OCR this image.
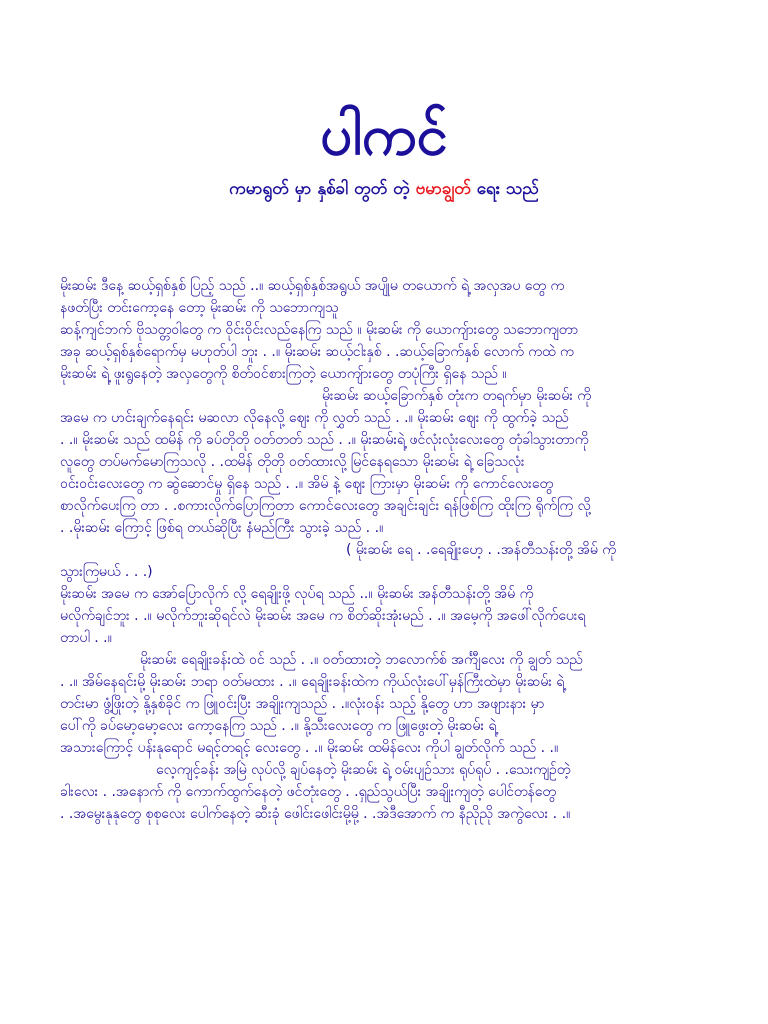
ပါကင်

ကမာရွတ် မှာ နှစ်ခါ တွတ် တဲ့ ဗမာချွတ် ရေး သည်

မိုးဆမ်း ဒီနေ့ ဆယ့်ရှစ်နှစ် ပြည့် သည် ..။ ဆယ့်ရှစ်နှစ်အရွယ် အပျိုမ တယောက် ရဲ့ အလှအပ တွေ က
နဖတ်ပြီး တင်းကော့နေ တော့ မိုးဆမ်း ကို သဘောကျသူ
ဆန့်ကျင်ဘက် ဗိုသတ္တဝါတွေ က ဝိုင်းဝိုင်းလည်နေကြ သည် ။ မိုးဆမ်း ကို ယောကျ်ားတွေ သဘောကျတာ
အခု ဆယ့်ရှစ်နှစ်ရောက်မှ မဟုတ်ပါ ဘူး . .။ မိုးဆမ်း ဆယ့်ငါးနှစ် . .ဆယ့်ခြောက်နှစ် လောက် ကထဲ က
မိုးဆမ်း ရဲ့ ဖူးရွနေတဲ့ အလှတွေကို စိတ်ဝင်စားကြတဲ့ ယောကျ်ားတွေ တပုံကြီး ရှိနေ သည် ။
မိုးဆမ်း ဆယ့်ခြောက်နှစ် တုံးက တရက်မှာ မိုးဆမ်း ကို
အမေ က ဟင်းချက်နေရင်း မဆလာ လိုနေလို့ ဈေး ကို လွှတ် သည် . .။ မိုးဆမ်း ဈေး ကို ထွက်ခဲ့ သည်
. .။ မိုးဆမ်း သည် ထမိန် ကို ခပ်တိုတို ဝတ်တတ် သည် . .။ မိုးဆမ်းရဲ့ ဖင်လုံးလုံးလေးတွေ တုံခါသွားတာကို
လူတွေ တပ်မက်မောကြသလို . .ထမိန် တိုတို ဝတ်ထားလို့ မြင်နေရသော မိုးဆမ်း ရဲ့ ခြေသလုံး
ဝင်းဝင်းလေးတွေ က ဆွဲဆောင်မှု ရှိနေ သည် . .။ အိမ် နဲ့ ဈေး ကြားမှာ မိုးဆမ်း ကို ကောင်လေးတွေ
စာလိုက်ပေးကြ တာ . .စကားလိုက်ပြောကြတာ ကောင်လေးတွေ အချင်းချင်း ရန်ဖြစ်ကြ ထိုးကြ ရိုက်ကြ လို့
. .မိုးဆမ်း ကြောင့် ဖြစ်ရ တယ်ဆိုပြီး နံမည်ကြီး သွားခဲ့ သည် . .။
( မိုးဆမ်း ရေ . .ရေချိုးဟေ့ . .အန်တီသန်းတို့ အိမ် ကို
သွားကြမယ် . . .)
မိုးဆမ်း အမေ က အော်ပြောလိုက် လို့ ရေချိုးဖို့ လုပ်ရ သည် ..။ မိုးဆမ်း အန်တီသန်းတို့ အိမ် ကို
မလိုက်ချင်ဘူး . .။ မလိုက်ဘူးဆိုရင်လဲ မိုးဆမ်း အမေ က စိတ်ဆိုးအုံးမည် . .။ အမေ့ကို အဖေါ်လိုက်ပေးရ
တာပါ . .။
မိုးဆမ်း ရေချိုးခန်းထဲ ဝင် သည် . .။ ဝတ်ထားတဲ့ ဘလောက်စ် အင်္ကျီလေး ကို ချွတ် သည်
. .။ အိမ်နေရင်းမို့ မိုးဆမ်း ဘရာ ဝတ်မထား . .။ ရေချိုးခန်းထဲက ကိုယ်လုံးပေါ်မှန်ကြီးထဲမှာ မိုးဆမ်း ရဲ့
တင်းမာ ဖွံ့ဖြိုးတဲ့ နို့နှစ်ခိုင် က ဖြူဝင်းပြီး အချိုးကျသည် . .။လုံးဝန်း သည့် နို့တွေ ဟာ အဖျားနား မှာ
ပေါ်ကို ခပ်မော့မော့လေး ကော့နေကြ သည် . .။ နို့သီးလေးတွေ က ဖြူဖွေးတဲ့ မိုးဆမ်း ရဲ့
အသားကြောင့် ပန်းနုရောင် မရင့်တရင့် လေးတွေ . .။ မိုးဆမ်း ထမိန်လေး ကိုပါ ချွတ်လိုက် သည် . .။
လေ့ကျင့်ခန်း အမြဲ လုပ်လို့ ချပ်နေတဲ့ မိုးဆမ်း ရဲ့ ဝမ်းပျဉ်သား ရုပ်ရုပ် . .သေးကျဉ်တဲ့
ခါးလေး . .အနောက် ကို ကောက်ထွက်နေတဲ့ ဖင်တုံးတွေ . .ရှည်သွယ်ပြီး အချိုးကျတဲ့ ပေါင်တန်တွေ
. .အမွေးနုနုတွေ စုစုလေး ပေါက်နေတဲ့ ဆီးခုံ ဖေါင်းဖေါင်းမို့မို့ . .အဲဒီအောက် က နီညိုညို အကွဲလေး . .။
